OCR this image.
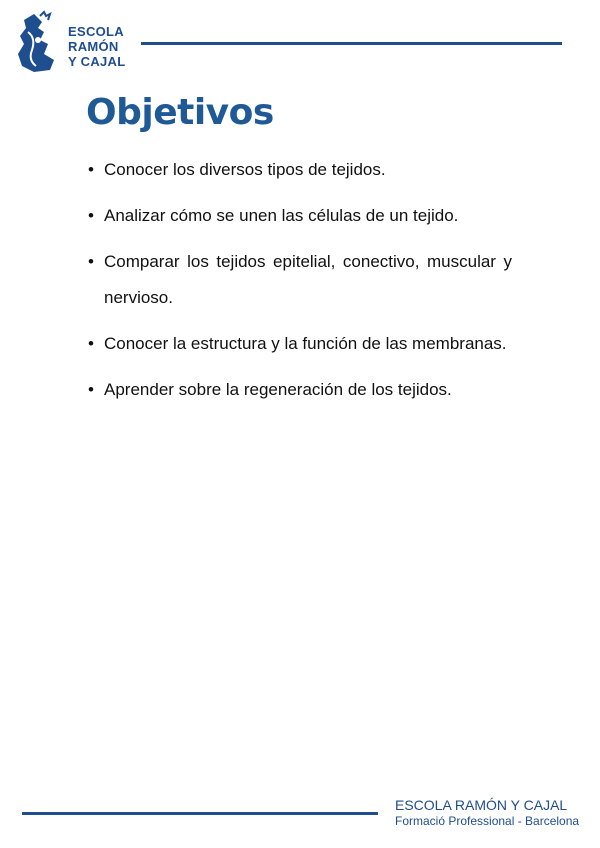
ESCOLA
RAMÓN
Y CAJAL
Objetivos
• Conocer los diversos tipos de tejidos.
• Analizar cómo se unen las células de un tejido.
• Comparar los tejidos epitelial, conectivo, muscular y nervioso.
• Conocer la estructura y la función de las membranas.
• Aprender sobre la regeneración de los tejidos.
ESCOLA RAMÓN Y CAJAL
Formació Professional - Barcelona
